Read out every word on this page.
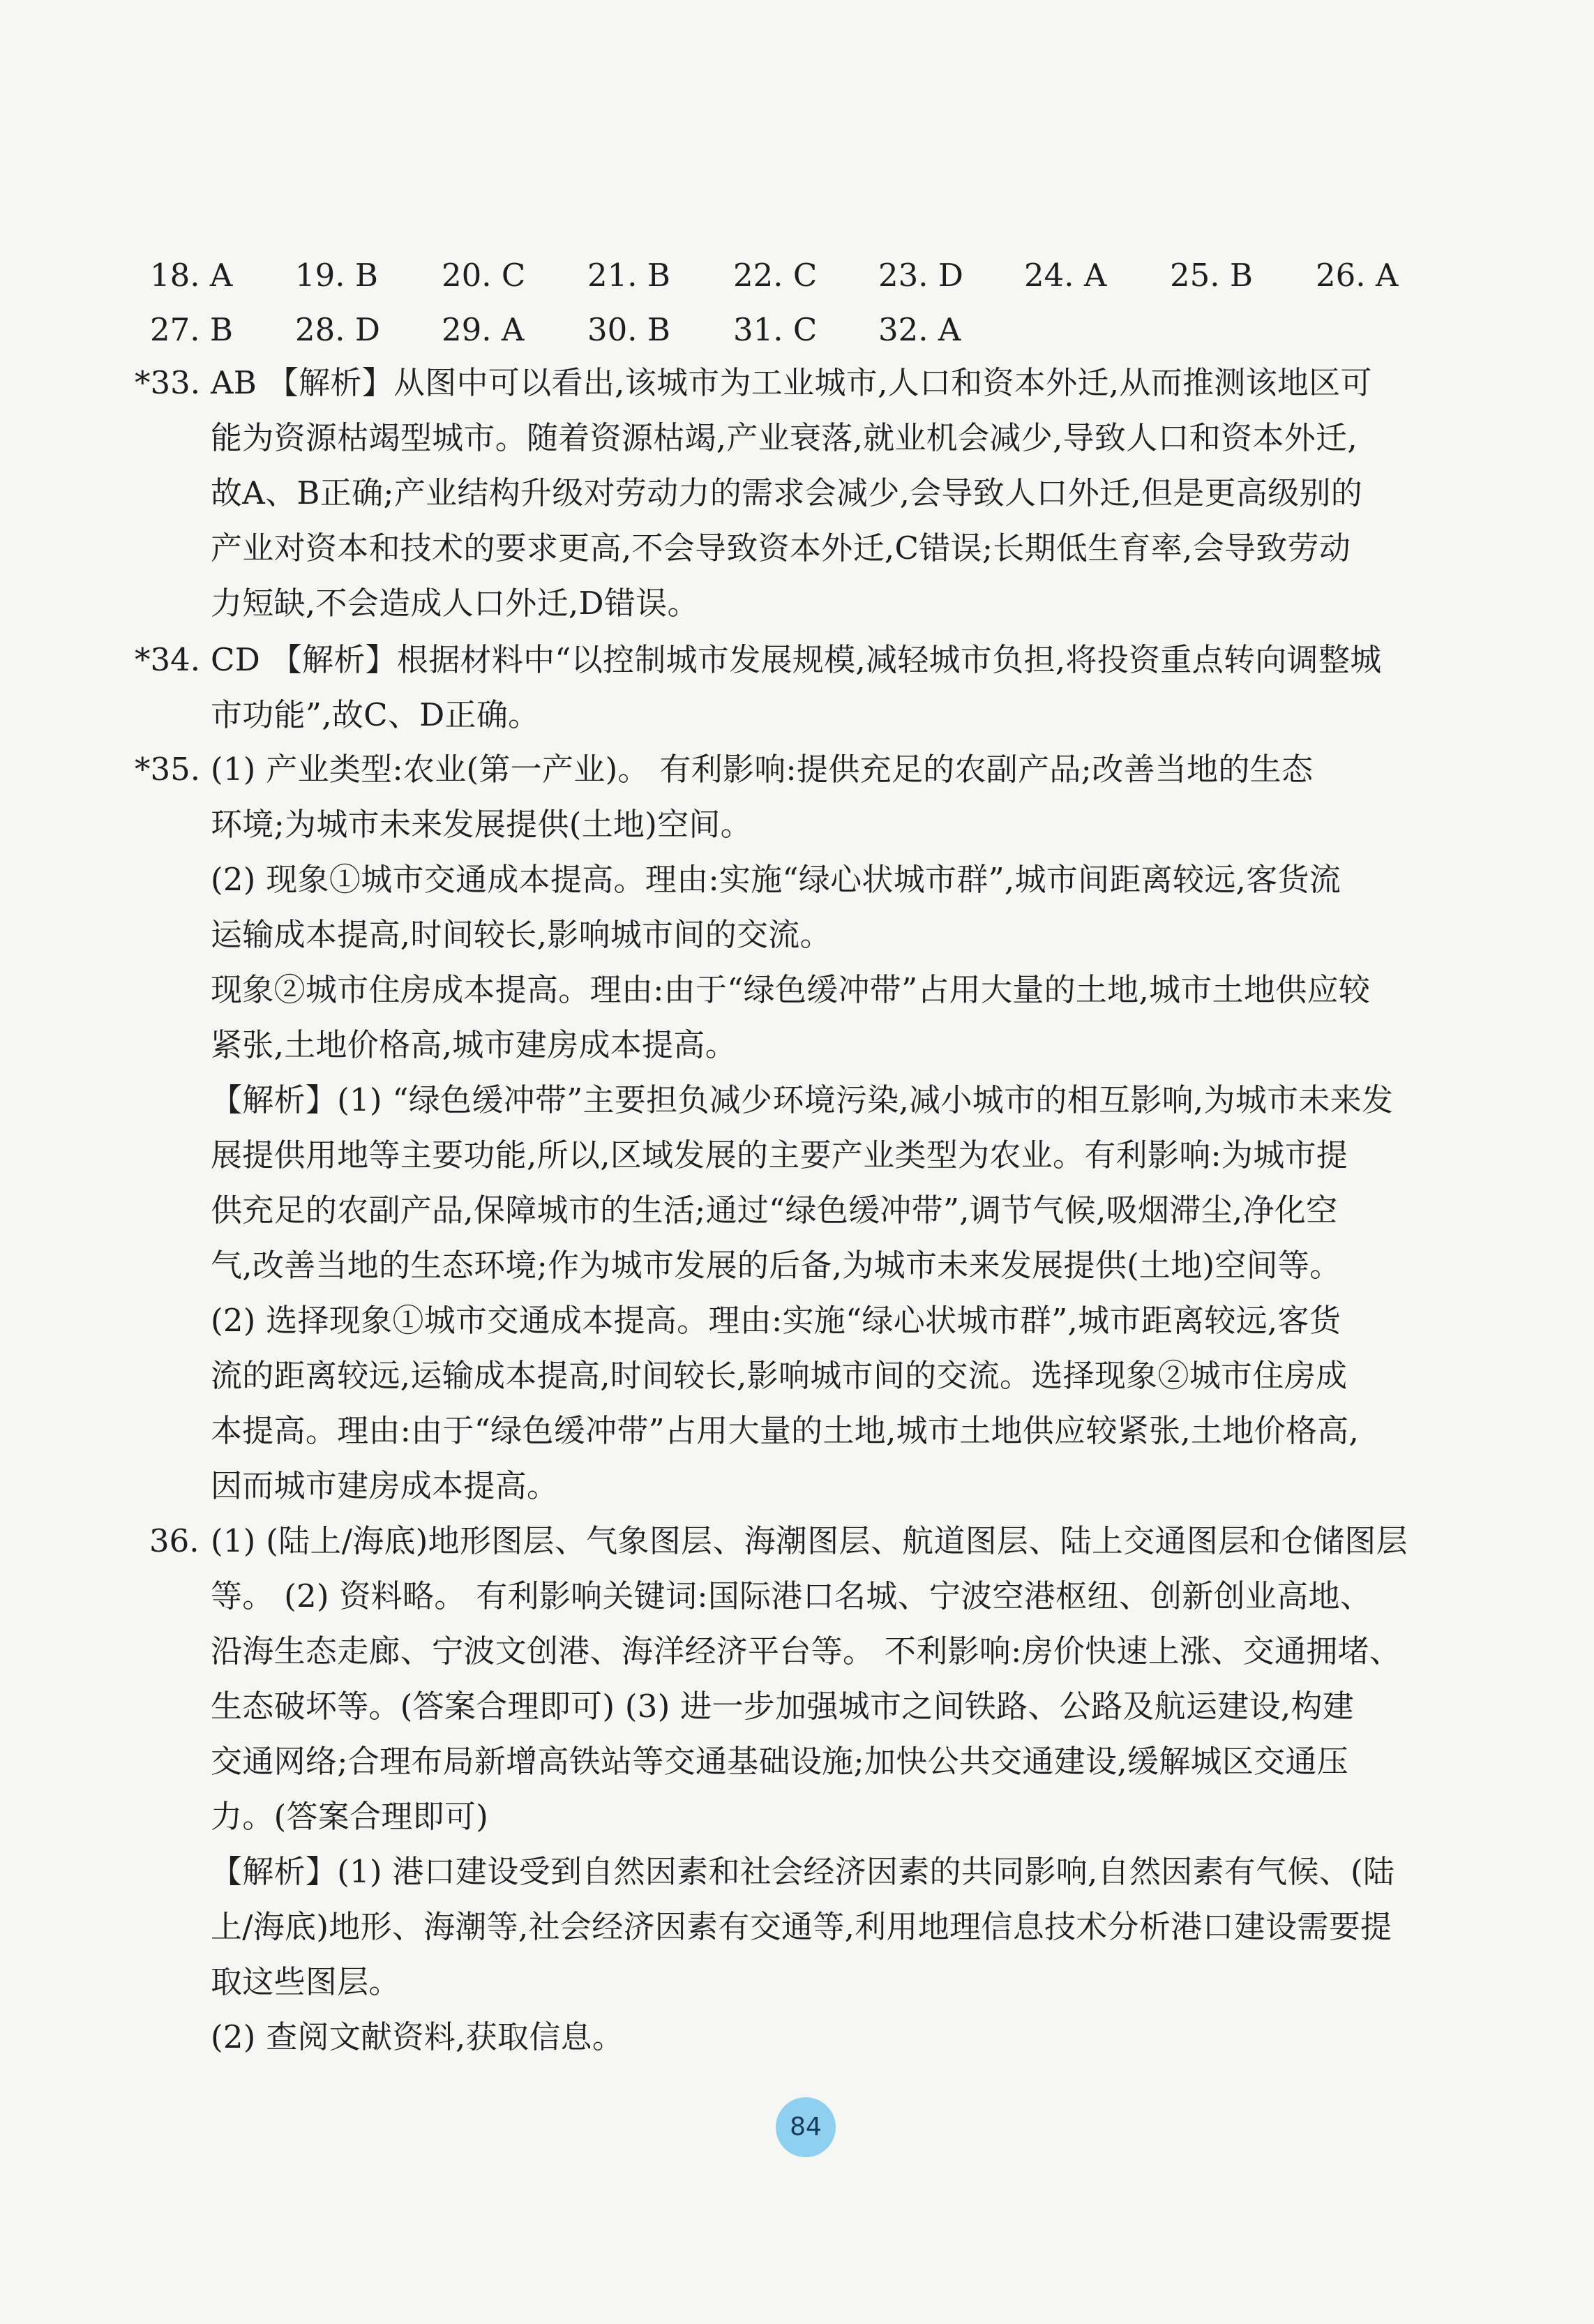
18. A 19. B 20. C 21. B 22. C 23. D 24. A 25. B 26. A
27. B 28. D 29. A 30. B 31. C 32. A
*33. AB 【解析】从图中可以看出,该城市为工业城市,人口和资本外迁,从而推测该地区可
能为资源枯竭型城市。随着资源枯竭,产业衰落,就业机会减少,导致人口和资本外迁,
故A、B正确;产业结构升级对劳动力的需求会减少,会导致人口外迁,但是更高级别的
产业对资本和技术的要求更高,不会导致资本外迁,C错误;长期低生育率,会导致劳动
力短缺,不会造成人口外迁,D错误。
*34. CD 【解析】根据材料中“以控制城市发展规模,减轻城市负担,将投资重点转向调整城
市功能”,故C、D正确。
*35. (1) 产业类型:农业(第一产业)。 有利影响:提供充足的农副产品;改善当地的生态
环境;为城市未来发展提供(土地)空间。
(2) 现象①城市交通成本提高。理由:实施“绿心状城市群”,城市间距离较远,客货流
运输成本提高,时间较长,影响城市间的交流。
现象②城市住房成本提高。理由:由于“绿色缓冲带”占用大量的土地,城市土地供应较
紧张,土地价格高,城市建房成本提高。
【解析】(1) “绿色缓冲带”主要担负减少环境污染,减小城市的相互影响,为城市未来发
展提供用地等主要功能,所以,区域发展的主要产业类型为农业。有利影响:为城市提
供充足的农副产品,保障城市的生活;通过“绿色缓冲带”,调节气候,吸烟滞尘,净化空
气,改善当地的生态环境;作为城市发展的后备,为城市未来发展提供(土地)空间等。
(2) 选择现象①城市交通成本提高。理由:实施“绿心状城市群”,城市距离较远,客货
流的距离较远,运输成本提高,时间较长,影响城市间的交流。选择现象②城市住房成
本提高。理由:由于“绿色缓冲带”占用大量的土地,城市土地供应较紧张,土地价格高,
因而城市建房成本提高。
36. (1) (陆上/海底)地形图层、气象图层、海潮图层、航道图层、陆上交通图层和仓储图层
等。 (2) 资料略。 有利影响关键词:国际港口名城、宁波空港枢纽、创新创业高地、
沿海生态走廊、宁波文创港、海洋经济平台等。 不利影响:房价快速上涨、交通拥堵、
生态破坏等。(答案合理即可) (3) 进一步加强城市之间铁路、公路及航运建设,构建
交通网络;合理布局新增高铁站等交通基础设施;加快公共交通建设,缓解城区交通压
力。(答案合理即可)
【解析】(1) 港口建设受到自然因素和社会经济因素的共同影响,自然因素有气候、(陆
上/海底)地形、海潮等,社会经济因素有交通等,利用地理信息技术分析港口建设需要提
取这些图层。
(2) 查阅文献资料,获取信息。
84
